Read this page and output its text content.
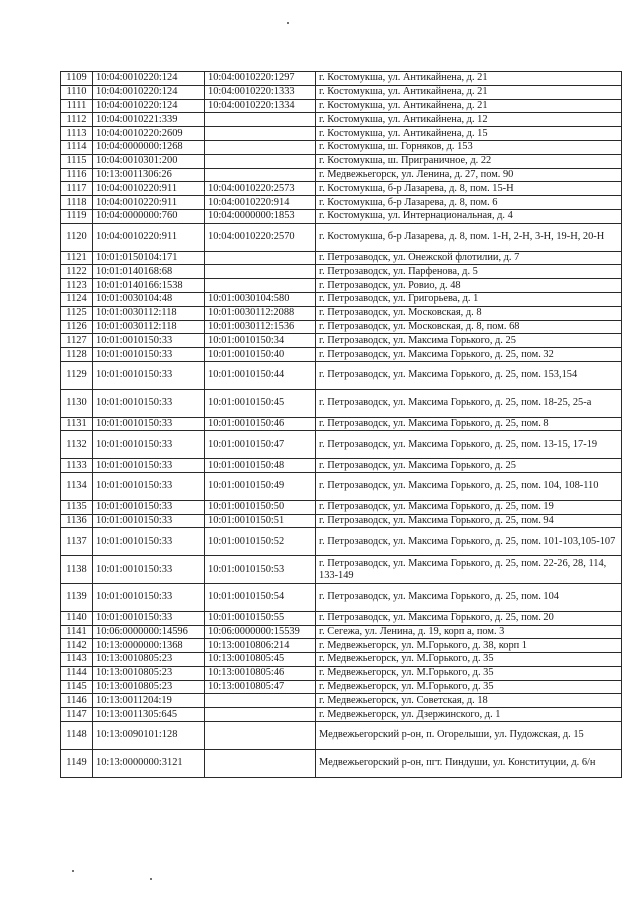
1109	10:04:0010220:124	10:04:0010220:1297	г. Костомукша, ул. Антикайнена, д. 21
1110	10:04:0010220:124	10:04:0010220:1333	г. Костомукша, ул. Антикайнена, д. 21
1111	10:04:0010220:124	10:04:0010220:1334	г. Костомукша, ул. Антикайнена, д. 21
1112	10:04:0010221:339		г. Костомукша, ул. Антикайнена, д. 12
1113	10:04:0010220:2609		г. Костомукша, ул. Антикайнена, д. 15
1114	10:04:0000000:1268		г. Костомукша, ш. Горняков, д. 153
1115	10:04:0010301:200		г. Костомукша, ш. Приграничное, д. 22
1116	10:13:0011306:26		г. Медвежьегорск, ул. Ленина, д. 27, пом. 90
1117	10:04:0010220:911	10:04:0010220:2573	г. Костомукша, б-р Лазарева, д. 8, пом. 15-Н
1118	10:04:0010220:911	10:04:0010220:914	г. Костомукша, б-р Лазарева, д. 8, пом. 6
1119	10:04:0000000:760	10:04:0000000:1853	г. Костомукша, ул. Интернациональная, д. 4
1120	10:04:0010220:911	10:04:0010220:2570	г. Костомукша, б-р Лазарева, д. 8, пом. 1-Н, 2-Н, 3-Н, 19-Н, 20-Н
1121	10:01:0150104:171		г. Петрозаводск, ул. Онежской флотилии, д. 7
1122	10:01:0140168:68		г. Петрозаводск, ул. Парфенова, д. 5
1123	10:01:0140166:1538		г. Петрозаводск, ул. Ровио, д. 48
1124	10:01:0030104:48	10:01:0030104:580	г. Петрозаводск, ул. Григорьева, д. 1
1125	10:01:0030112:118	10:01:0030112:2088	г. Петрозаводск, ул. Московская, д. 8
1126	10:01:0030112:118	10:01:0030112:1536	г. Петрозаводск, ул. Московская, д. 8, пом. 68
1127	10:01:0010150:33	10:01:0010150:34	г. Петрозаводск, ул. Максима Горького, д. 25
1128	10:01:0010150:33	10:01:0010150:40	г. Петрозаводск, ул. Максима Горького, д. 25, пом. 32
1129	10:01:0010150:33	10:01:0010150:44	г. Петрозаводск, ул. Максима Горького, д. 25, пом. 153,154
1130	10:01:0010150:33	10:01:0010150:45	г. Петрозаводск, ул. Максима Горького, д. 25, пом. 18-25, 25-а
1131	10:01:0010150:33	10:01:0010150:46	г. Петрозаводск, ул. Максима Горького, д. 25, пом. 8
1132	10:01:0010150:33	10:01:0010150:47	г. Петрозаводск, ул. Максима Горького, д. 25, пом. 13-15, 17-19
1133	10:01:0010150:33	10:01:0010150:48	г. Петрозаводск, ул. Максима Горького, д. 25
1134	10:01:0010150:33	10:01:0010150:49	г. Петрозаводск, ул. Максима Горького, д. 25, пом. 104, 108-110
1135	10:01:0010150:33	10:01:0010150:50	г. Петрозаводск, ул. Максима Горького, д. 25, пом. 19
1136	10:01:0010150:33	10:01:0010150:51	г. Петрозаводск, ул. Максима Горького, д. 25, пом. 94
1137	10:01:0010150:33	10:01:0010150:52	г. Петрозаводск, ул. Максима Горького, д. 25, пом. 101-103,105-107
1138	10:01:0010150:33	10:01:0010150:53	г. Петрозаводск, ул. Максима Горького, д. 25, пом. 22-26, 28, 114, 133-149
1139	10:01:0010150:33	10:01:0010150:54	г. Петрозаводск, ул. Максима Горького, д. 25, пом. 104
1140	10:01:0010150:33	10:01:0010150:55	г. Петрозаводск, ул. Максима Горького, д. 25, пом. 20
1141	10:06:0000000:14596	10:06:0000000:15539	г. Сегежа, ул. Ленина, д. 19, корп а, пом. 3
1142	10:13:0000000:1368	10:13:0010806:214	г. Медвежьегорск, ул. М.Горького, д. 38, корп 1
1143	10:13:0010805:23	10:13:0010805:45	г. Медвежьегорск, ул. М.Горького, д. 35
1144	10:13:0010805:23	10:13:0010805:46	г. Медвежьегорск, ул. М.Горького, д. 35
1145	10:13:0010805:23	10:13:0010805:47	г. Медвежьегорск, ул. М.Горького, д. 35
1146	10:13:0011204:19		г. Медвежьегорск, ул. Советская, д. 18
1147	10:13:0011305:645		г. Медвежьегорск, ул. Дзержинского, д. 1
1148	10:13:0090101:128		Медвежьегорский р-он, п. Огорелыши, ул. Пудожская, д. 15
1149	10:13:0000000:3121		Медвежьегорский р-он, пгт. Пиндуши, ул. Конституции, д. 6/н
